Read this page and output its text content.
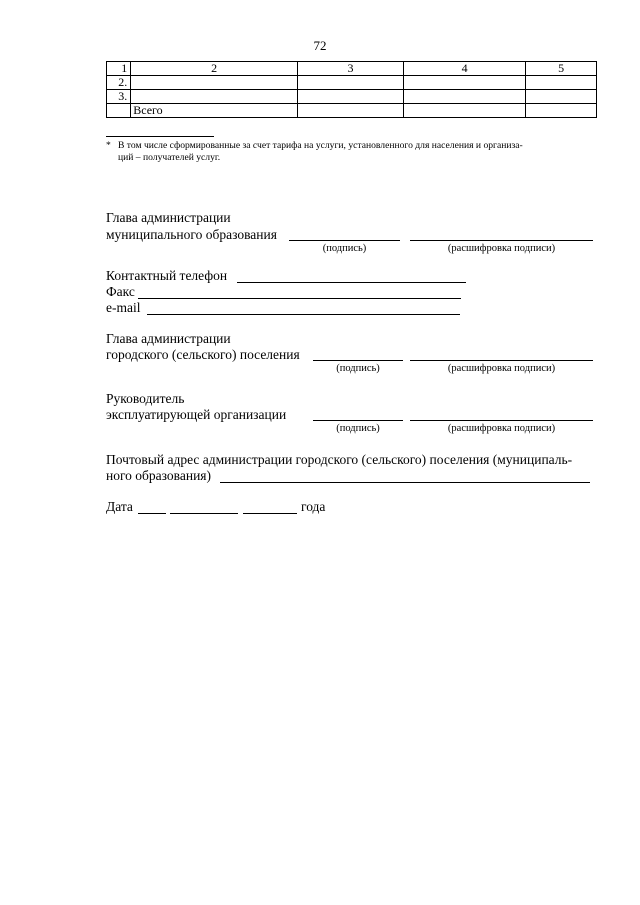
72
1	2	3	4	5
2.				
3.				
	Всего			
* В том числе сформированные за счет тарифа на услуги, установленного для населения и организа-
ций – получателей услуг.
Глава администрации
муниципального образования
(подпись)	(расшифровка подписи)
Контактный телефон
Факс
e-mail
Глава администрации
городского (сельского) поселения
(подпись)	(расшифровка подписи)
Руководитель
эксплуатирующей организации
(подпись)	(расшифровка подписи)
Почтовый адрес администрации городского (сельского) поселения (муниципаль-
ного образования)
Дата	года
